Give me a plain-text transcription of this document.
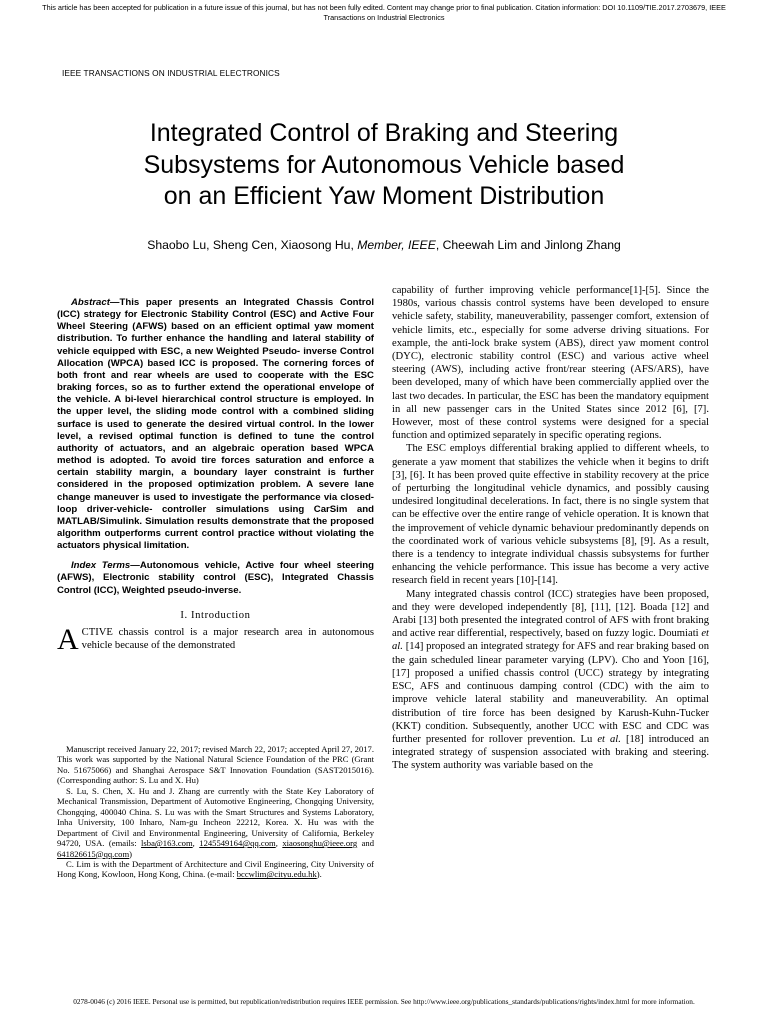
This article has been accepted for publication in a future issue of this journal, but has not been fully edited. Content may change prior to final publication. Citation information: DOI 10.1109/TIE.2017.2703679, IEEE
Transactions on Industrial Electronics
IEEE TRANSACTIONS ON INDUSTRIAL ELECTRONICS
Integrated Control of Braking and Steering
Subsystems for Autonomous Vehicle based
on an Efficient Yaw Moment Distribution
Shaobo Lu, Sheng Cen, Xiaosong Hu, Member, IEEE, Cheewah Lim and Jinlong Zhang

Abstract—This paper presents an Integrated Chassis Control (ICC) strategy for Electronic Stability Control (ESC) and Active Four Wheel Steering (AFWS) based on an efficient optimal yaw moment distribution. To further enhance the handling and lateral stability of vehicle equipped with ESC, a new Weighted Pseudo- inverse Control Allocation (WPCA) based ICC is proposed. The cornering forces of both front and rear wheels are used to cooperate with the ESC braking forces, so as to further extend the operational envelope of the vehicle. A bi-level hierarchical control structure is employed. In the upper level, the sliding mode control with a combined sliding surface is used to generate the desired virtual control. In the lower level, a revised optimal function is defined to tune the control authority of actuators, and an algebraic operation based WPCA method is adopted. To avoid tire forces saturation and enforce a certain stability margin, a boundary layer constraint is further considered in the proposed optimization problem. A severe lane change maneuver is used to investigate the performance via closed-loop driver-vehicle- controller simulations using CarSim and MATLAB/Simulink. Simulation results demonstrate that the proposed algorithm outperforms current control practice without violating the actuators physical limitation.

Index Terms—Autonomous vehicle, Active four wheel steering (AFWS), Electronic stability control (ESC), Integrated Chassis Control (ICC), Weighted pseudo-inverse.

I. Introduction

ACTIVE chassis control is a major research area in autonomous vehicle because of the demonstrated

Manuscript received January 22, 2017; revised March 22, 2017; accepted April 27, 2017. This work was supported by the National Natural Science Foundation of the PRC (Grant No. 51675066) and Shanghai Aerospace S&T Innovation Foundation (SAST2015016). (Corresponding author: S. Lu and X. Hu)

S. Lu, S. Chen, X. Hu and J. Zhang are currently with the State Key Laboratory of Mechanical Transmission, Department of Automotive Engineering, Chongqing University, Chongqing, 400040 China. S. Lu was with the Smart Structures and Systems Laboratory, Inha University, 100 Inharo, Nam-gu Incheon 22212, Korea. X. Hu was with the Department of Civil and Environmental Engineering, University of California, Berkeley 94720, USA. (emails: lsba@163.com, 1245549164@qq.com, xiaosonghu@ieee.org and 641826615@qq.com)

C. Lim is with the Department of Architecture and Civil Engineering, City University of Hong Kong, Kowloon, Hong Kong, China. (e-mail: bccwlim@cityu.edu.hk).

capability of further improving vehicle performance[1]-[5]. Since the 1980s, various chassis control systems have been developed to ensure vehicle safety, stability, maneuverability, passenger comfort, extension of vehicle limits, etc., especially for some adverse driving situations. For example, the anti-lock brake system (ABS), direct yaw moment control (DYC), electronic stability control (ESC) and various active wheel steering (AWS), including active front/rear steering (AFS/ARS), have been developed, many of which have been commercially applied over the last two decades. In particular, the ESC has been the mandatory equipment in all new passenger cars in the United States since 2012 [6], [7]. However, most of these control systems were designed for a special function and optimized separately in specific operating regions.

The ESC employs differential braking applied to different wheels, to generate a yaw moment that stabilizes the vehicle when it begins to drift [3], [6]. It has been proved quite effective in stability recovery at the price of perturbing the longitudinal vehicle dynamics, and possibly causing undesired longitudinal decelerations. In fact, there is no single system that can be effective over the entire range of vehicle operation. It is known that the improvement of vehicle dynamic behaviour predominantly depends on the coordinated work of various vehicle subsystems [8], [9]. As a result, there is a tendency to integrate individual chassis subsystems for further enhancing the vehicle performance. This issue has become a very active research field in recent years [10]-[14].

Many integrated chassis control (ICC) strategies have been proposed, and they were developed independently [8], [11], [12]. Boada [12] and Arabi [13] both presented the integrated control of AFS with front braking and active rear differential, respectively, based on fuzzy logic. Doumiati et al. [14] proposed an integrated strategy for AFS and rear braking based on the gain scheduled linear parameter varying (LPV). Cho and Yoon [16], [17] proposed a unified chassis control (UCC) strategy by integrating ESC, AFS and continuous damping control (CDC) with the aim to improve vehicle lateral stability and maneuverability. An optimal distribution of tire force has been designed by Karush-Kuhn-Tucker (KKT) condition. Subsequently, another UCC with ESC and CDC was further presented for rollover prevention. Lu et al. [18] introduced an integrated strategy of suspension associated with braking and steering. The system authority was variable based on the

0278-0046 (c) 2016 IEEE. Personal use is permitted, but republication/redistribution requires IEEE permission. See http://www.ieee.org/publications_standards/publications/rights/index.html for more information.
